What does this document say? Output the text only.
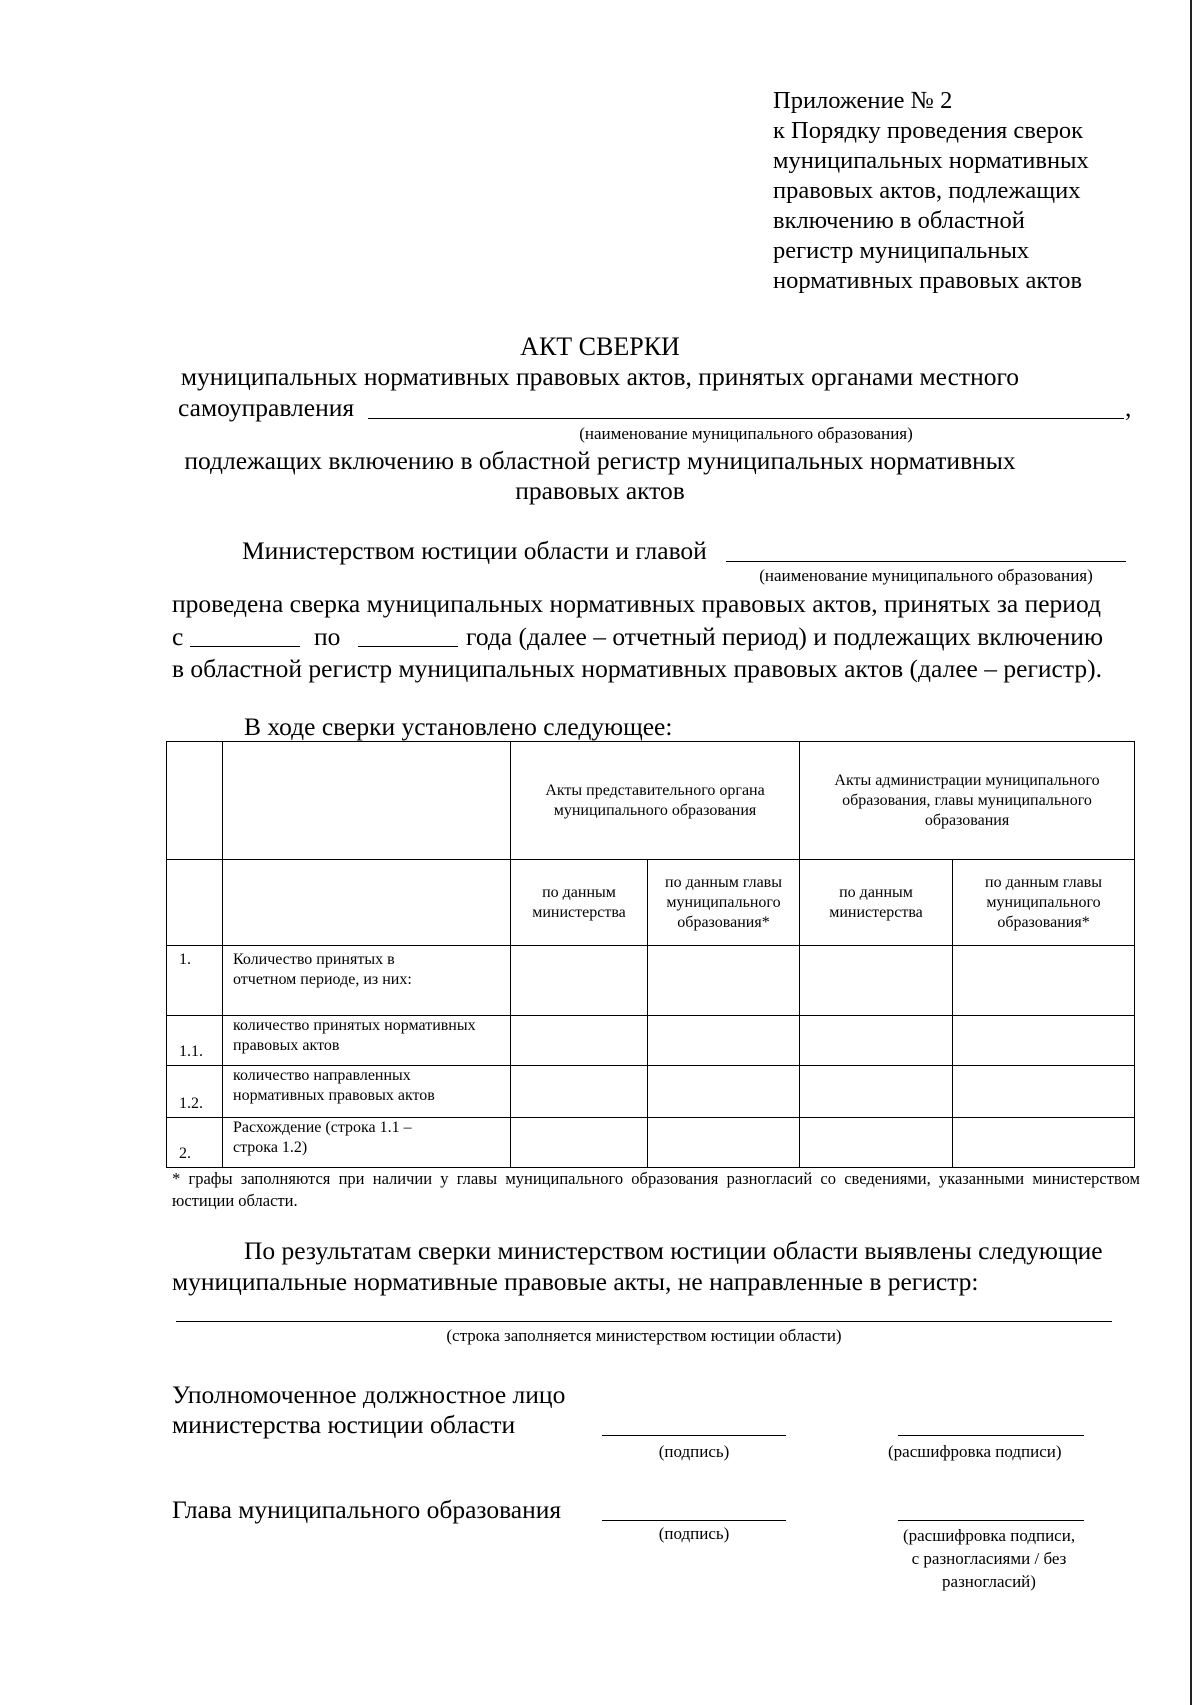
Приложение № 2
к Порядку проведения сверок
муниципальных нормативных
правовых актов, подлежащих
включению в областной
регистр муниципальных
нормативных правовых актов
АКТ СВЕРКИ
муниципальных нормативных правовых актов, принятых органами местного
самоуправления	,
(наименование муниципального образования)
подлежащих включению в областной регистр муниципальных нормативных
правовых актов
Министерством юстиции области и главой
(наименование муниципального образования)
проведена сверка муниципальных нормативных правовых актов, принятых за период
с	по	года (далее – отчетный период) и подлежащих включению
в областной регистр муниципальных нормативных правовых актов (далее – регистр).
В ходе сверки установлено следующее:
		Акты представительного органа муниципального образования		Акты администрации муниципального образования, главы муниципального образования	
		по данным министерства	по данным главы муниципального образования*	по данным министерства	по данным главы муниципального образования*
1.	Количество принятых в отчетном периоде, из них:				
1.1.	количество принятых нормативных правовых актов				
1.2.	количество направленных нормативных правовых актов				
2.	Расхождение (строка 1.1 – строка 1.2)				
* графы заполняются при наличии у главы муниципального образования разногласий со сведениями, указанными министерством юстиции области.
По результатам сверки министерством юстиции области выявлены следующие
муниципальные нормативные правовые акты, не направленные в регистр:
(строка заполняется министерством юстиции области)
Уполномоченное должностное лицо
министерства юстиции области
(подпись)	(расшифровка подписи)
Глава муниципального образования
(подпись)	(расшифровка подписи,
с разногласиями / без
разногласий)
